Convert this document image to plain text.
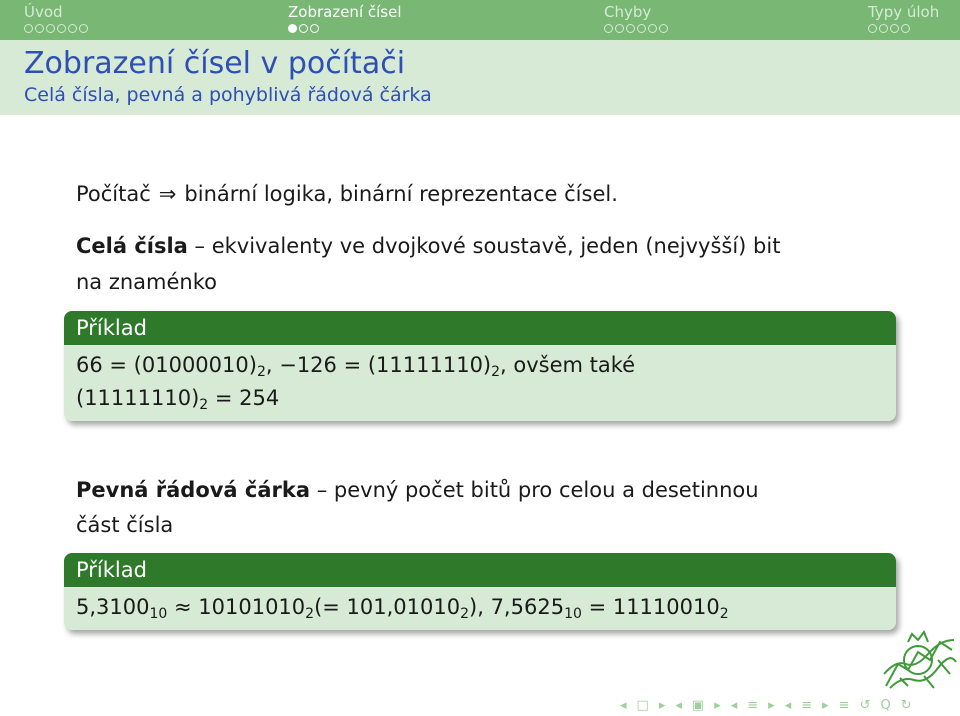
Úvod	Zobrazení čísel	Chyby	Typy úloh
Zobrazení čísel v počítači
Celá čísla, pevná a pohyblivá řádová čárka
Počítač ⇒ binární logika, binární reprezentace čísel.
Celá čísla – ekvivalenty ve dvojkové soustavě, jeden (nejvyšší) bit
na znaménko
Příklad
$66 = (01000010)_2$, $-126 = (11111110)_2$, ovšem také
$(11111110)_2 = 254$
Pevná řádová čárka – pevný počet bitů pro celou a desetinnou
část čísla
Příklad
$5,3100_{10} \approx 10101010_2(= 101,01010_2)$, $7,5625_{10} = 11110010_2$
◂ □ ▸ ◂ ▣ ▸ ◂ ≡ ▸ ◂ ≡ ▸ ≡ ↺ Q ↻
